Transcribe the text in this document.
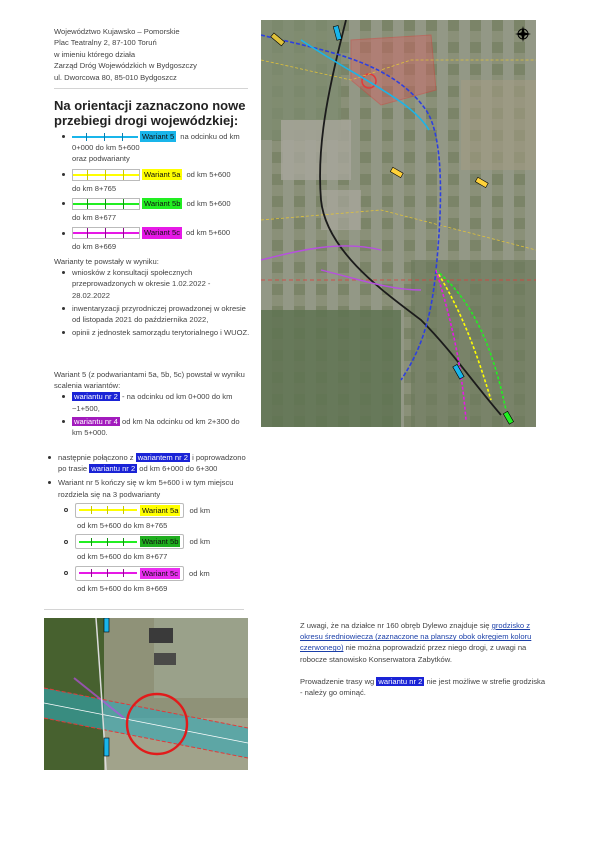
Województwo Kujawsko – Pomorskie
Plac Teatralny 2, 87-100 Toruń
w imieniu którego działa
Zarząd Dróg Wojewódzkich w Bydgoszczy
ul. Dworcowa 80, 85-010 Bydgoszcz
Na orientacji zaznaczono nowe przebiegi drogi wojewódzkiej:
Wariant 5 na odcinku od km
0+000 do km 5+600
oraz podwarianty
Wariant 5a od km 5+600
do km 8+765
Wariant 5b od km 5+600
do km 8+677
Wariant 5c od km 5+600
do km 8+669
Warianty te powstały w wyniku:
wniosków z konsultacji społecznych przeprowadzonych w okresie 1.02.2022 - 28.02.2022
inwentaryzacji przyrodniczej prowadzonej w okresie od listopada 2021 do października 2022,
opinii z jednostek samorządu terytorialnego i WUOZ.
Wariant 5 (z podwariantami 5a, 5b, 5c) powstał w wyniku scalenia wariantów:
wariantu nr 2 - na odcinku od km 0+000 do km ~1+500,
wariantu nr 4 od km Na odcinku od km 2+300 do km 5+000.
następnie połączono z wariantem nr 2 i poprowadzono po trasie wariantu nr 2 od km 6+000 do 6+300
Wariant nr 5 kończy się w km 5+600 i w tym miejscu rozdziela się na 3 podwarianty
Wariant 5a od km
od km 5+600 do km 8+765
Wariant 5b od km
od km 5+600 do km 8+677
Wariant 5c od km
od km 5+600 do km 8+669
Z uwagi, że na działce nr 160 obręb Dylewo znajduje się grodzisko z okresu średniowiecza (zaznaczone na planszy obok okręgiem koloru czerwonego) nie można poprowadzić przez niego drogi, z uwagi na robocze stanowisko Konserwatora Zabytków.
Prowadzenie trasy wg wariantu nr 2 nie jest możliwe w strefie grodziska - należy go ominąć.
